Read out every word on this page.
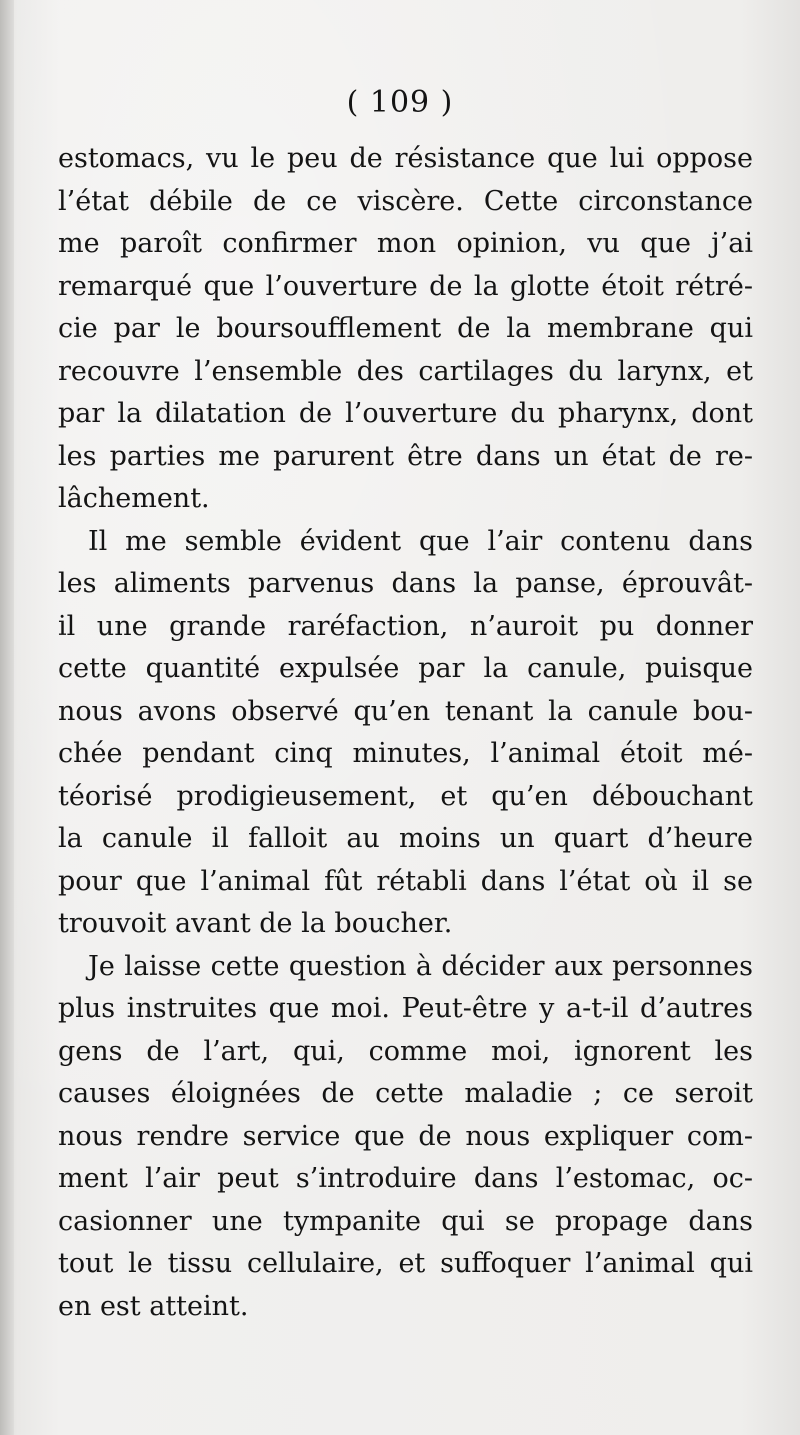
( 109 )
estomacs, vu le peu de résistance que lui oppose
l’état débile de ce viscère. Cette circonstance
me paroît confirmer mon opinion, vu que j’ai
remarqué que l’ouverture de la glotte étoit rétré-
cie par le boursoufflement de la membrane qui
recouvre l’ensemble des cartilages du larynx, et
par la dilatation de l’ouverture du pharynx, dont
les parties me parurent être dans un état de re-
lâchement.
Il me semble évident que l’air contenu dans
les aliments parvenus dans la panse, éprouvât-
il une grande raréfaction, n’auroit pu donner
cette quantité expulsée par la canule, puisque
nous avons observé qu’en tenant la canule bou-
chée pendant cinq minutes, l’animal étoit mé-
téorisé prodigieusement, et qu’en débouchant
la canule il falloit au moins un quart d’heure
pour que l’animal fût rétabli dans l’état où il se
trouvoit avant de la boucher.
Je laisse cette question à décider aux personnes
plus instruites que moi. Peut-être y a-t-il d’autres
gens de l’art, qui, comme moi, ignorent les
causes éloignées de cette maladie ; ce seroit
nous rendre service que de nous expliquer com-
ment l’air peut s’introduire dans l’estomac, oc-
casionner une tympanite qui se propage dans
tout le tissu cellulaire, et suffoquer l’animal qui
en est atteint.
